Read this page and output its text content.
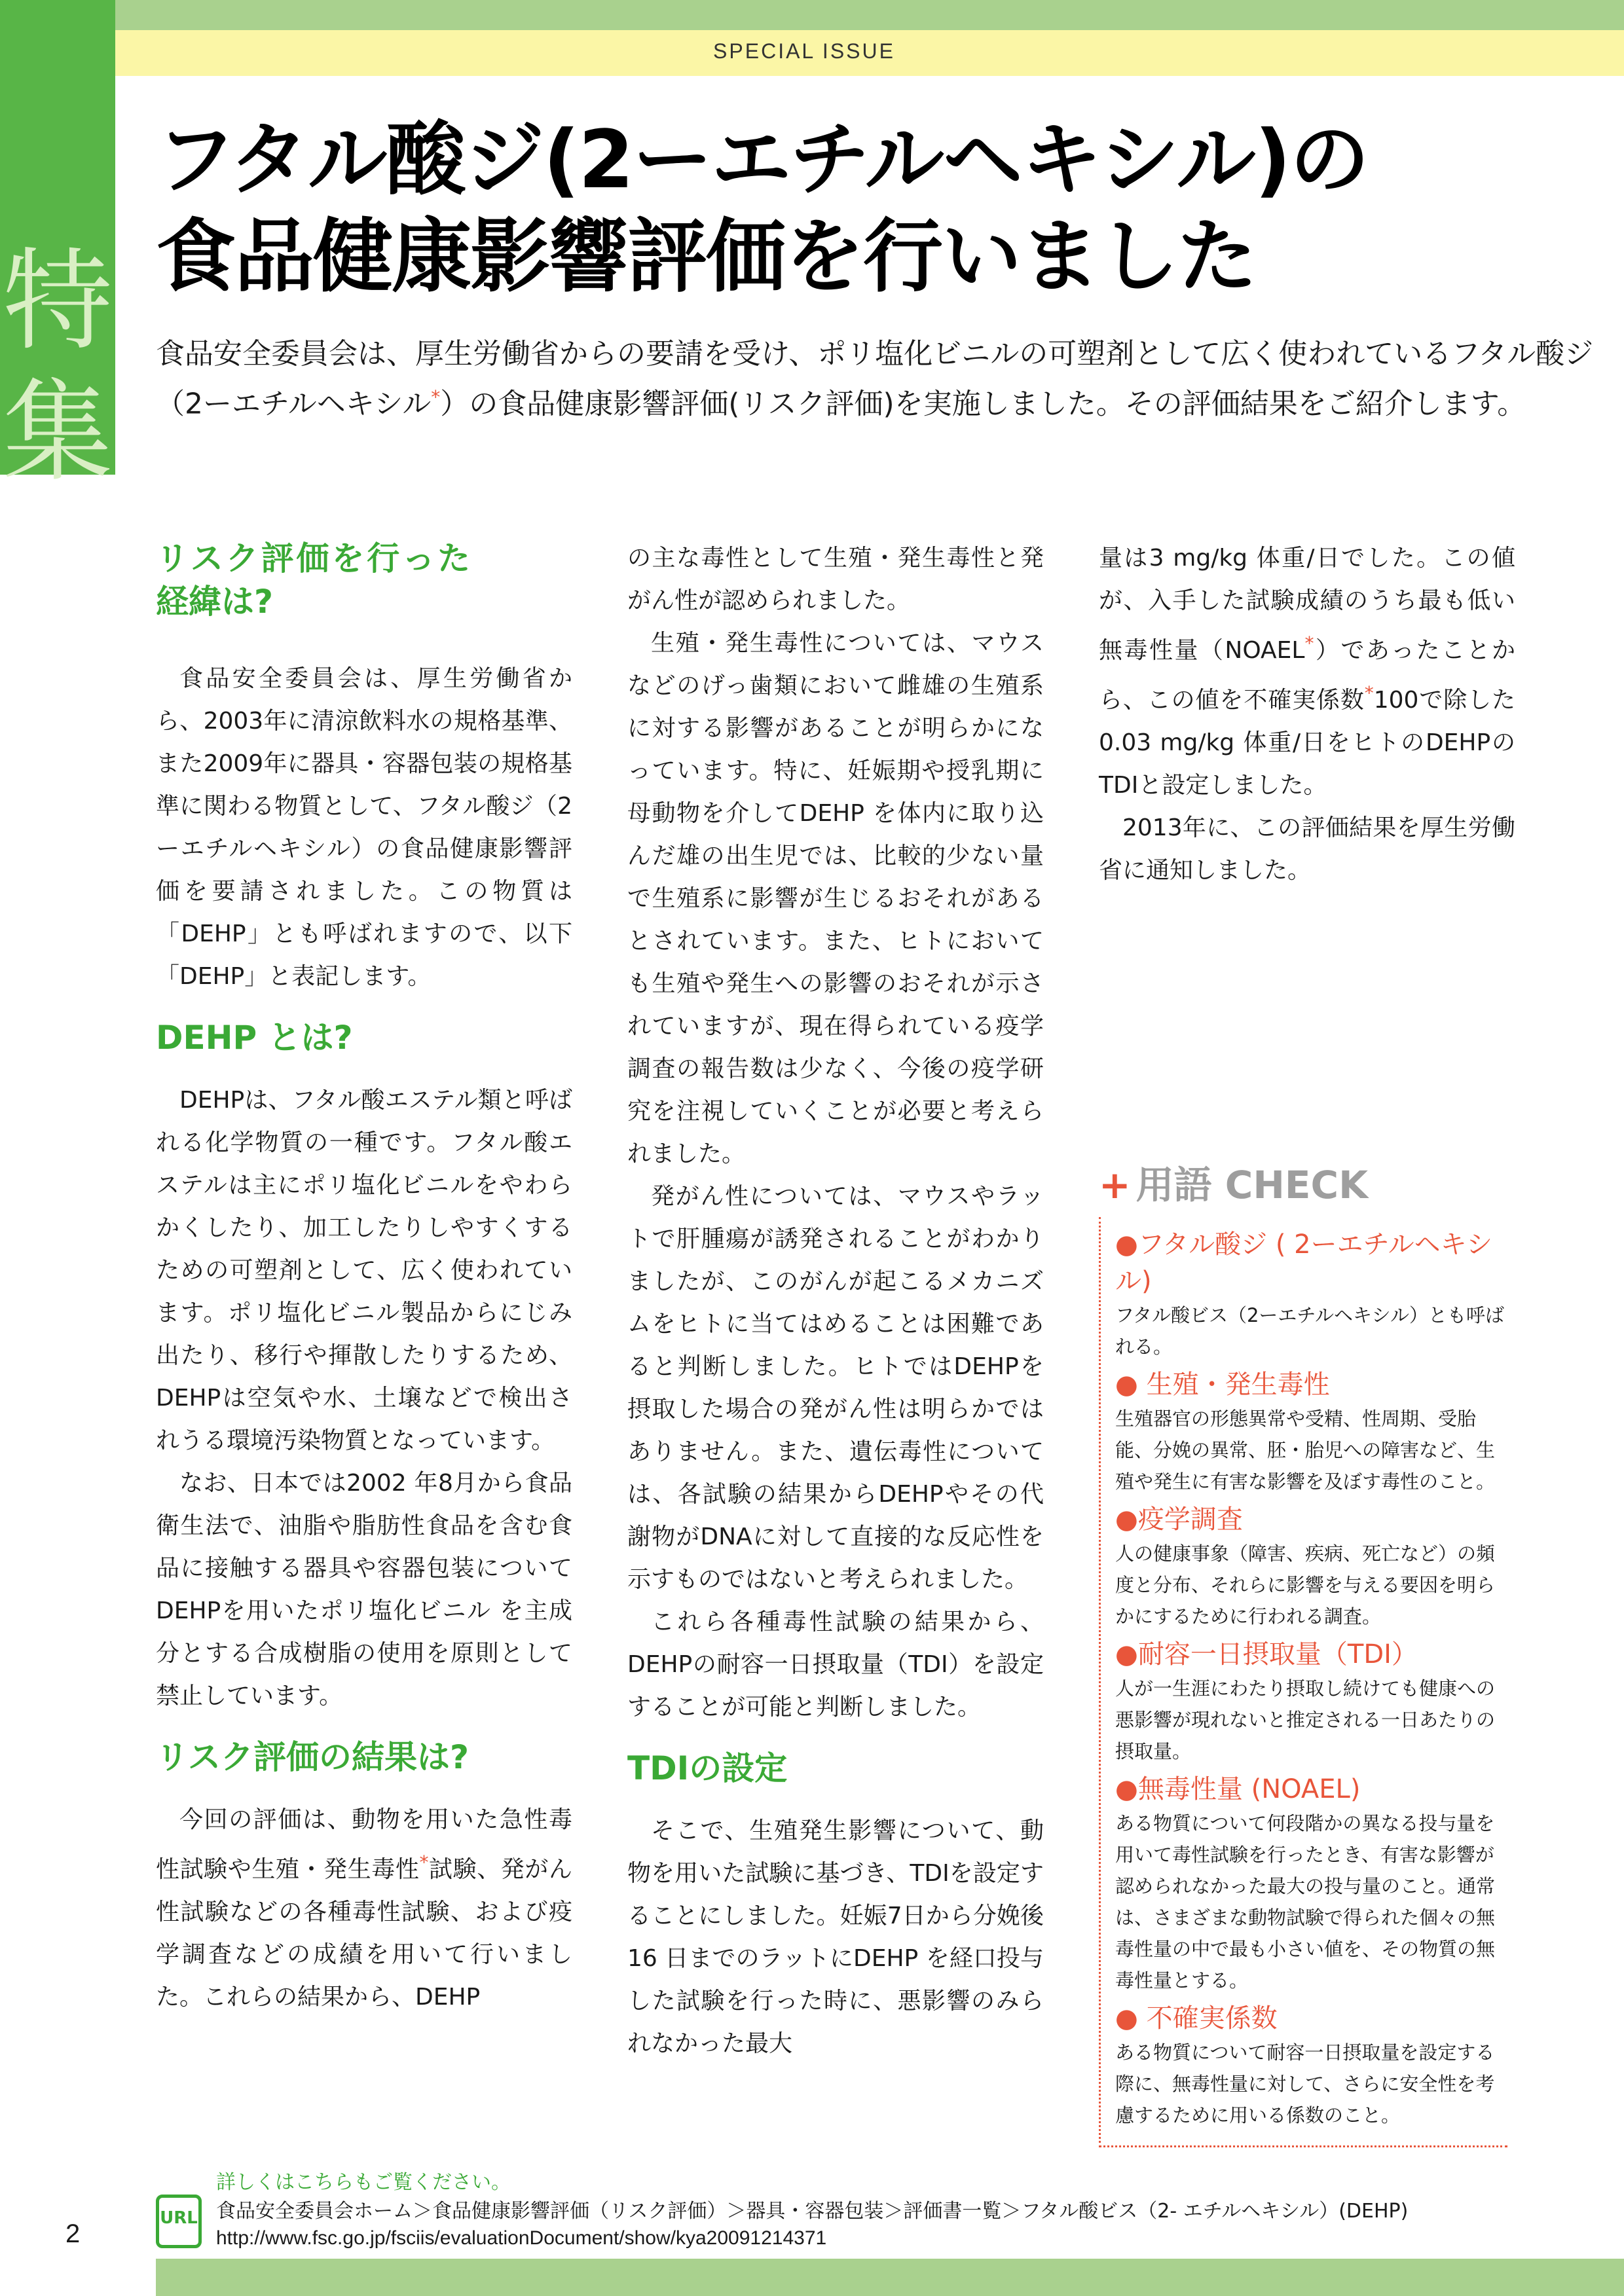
SPECIAL ISSUE
特集
フタル酸ジ(2ーエチルヘキシル)の
食品健康影響評価を行いました

食品安全委員会は、厚生労働省からの要請を受け、ポリ塩化ビニルの可塑剤として広く使われているフタル酸ジ（2ーエチルヘキシル*）の食品健康影響評価(リスク評価)を実施しました。その評価結果をご紹介します。

リスク評価を行った経緯は?

食品安全委員会は、厚生労働省から、2003年に清涼飲料水の規格基準、また2009年に器具・容器包装の規格基準に関わる物質として、フタル酸ジ（2ーエチルヘキシル）の食品健康影響評価を要請されました。この物質は「DEHP」とも呼ばれますので、以下「DEHP」と表記します。

DEHP とは?

DEHPは、フタル酸エステル類と呼ばれる化学物質の一種です。フタル酸エステルは主にポリ塩化ビニルをやわらかくしたり、加工したりしやすくするための可塑剤として、広く使われています。ポリ塩化ビニル製品からにじみ出たり、移行や揮散したりするため、DEHPは空気や水、土壌などで検出されうる環境汚染物質となっています。

なお、日本では2002 年8月から食品衛生法で、油脂や脂肪性食品を含む食品に接触する器具や容器包装についてDEHPを用いたポリ塩化ビニル を主成分とする合成樹脂の使用を原則として禁止しています。

リスク評価の結果は?

今回の評価は、動物を用いた急性毒性試験や生殖・発生毒性*試験、発がん性試験などの各種毒性試験、および疫学調査などの成績を用いて行いました。これらの結果から、DEHP

の主な毒性として生殖・発生毒性と発がん性が認められました。

生殖・発生毒性については、マウスなどのげっ歯類において雌雄の生殖系に対する影響があることが明らかになっています。特に、妊娠期や授乳期に母動物を介してDEHP を体内に取り込んだ雄の出生児では、比較的少ない量で生殖系に影響が生じるおそれがあるとされています。また、ヒトにおいても生殖や発生への影響のおそれが示されていますが、現在得られている疫学調査の報告数は少なく、今後の疫学研究を注視していくことが必要と考えられました。

発がん性については、マウスやラットで肝腫瘍が誘発されることがわかりましたが、このがんが起こるメカニズムをヒトに当てはめることは困難であると判断しました。ヒトではDEHPを摂取した場合の発がん性は明らかではありません。また、遺伝毒性については、各試験の結果からDEHPやその代謝物がDNAに対して直接的な反応性を示すものではないと考えられました。

これら各種毒性試験の結果から、DEHPの耐容一日摂取量（TDI）を設定することが可能と判断しました。

TDIの設定

そこで、生殖発生影響について、動物を用いた試験に基づき、TDIを設定することにしました。妊娠7日から分娩後16 日までのラットにDEHP を経口投与した試験を行った時に、悪影響のみられなかった最大

量は3 mg/kg 体重/日でした。この値が、入手した試験成績のうち最も低い無毒性量（NOAEL*）であったことから、この値を不確実係数*100で除した0.03 mg/kg 体重/日をヒトのDEHPのTDIと設定しました。

2013年に、この評価結果を厚生労働省に通知しました。

+ 用語 CHECK
●フタル酸ジ ( 2ーエチルヘキシル)

フタル酸ビス（2ーエチルヘキシル）とも呼ばれる。

● 生殖・発生毒性

生殖器官の形態異常や受精、性周期、受胎能、分娩の異常、胚・胎児への障害など、生殖や発生に有害な影響を及ぼす毒性のこと。

●疫学調査

人の健康事象（障害、疾病、死亡など）の頻度と分布、それらに影響を与える要因を明らかにするために行われる調査。

●耐容一日摂取量（TDI）

人が一生涯にわたり摂取し続けても健康への悪影響が現れないと推定される一日あたりの摂取量。

●無毒性量 (NOAEL)

ある物質について何段階かの異なる投与量を用いて毒性試験を行ったとき、有害な影響が認められなかった最大の投与量のこと。通常は、さまざまな動物試験で得られた個々の無毒性量の中で最も小さい値を、その物質の無毒性量とする。

● 不確実係数

ある物質について耐容一日摂取量を設定する際に、無毒性量に対して、さらに安全性を考慮するために用いる係数のこと。

詳しくはこちらもご覧ください。
URL 食品安全委員会ホーム＞食品健康影響評価（リスク評価）＞器具・容器包装＞評価書一覧＞フタル酸ビス（2- エチルヘキシル）(DEHP)
http://www.fsc.go.jp/fsciis/evaluationDocument/show/kya20091214371
2
